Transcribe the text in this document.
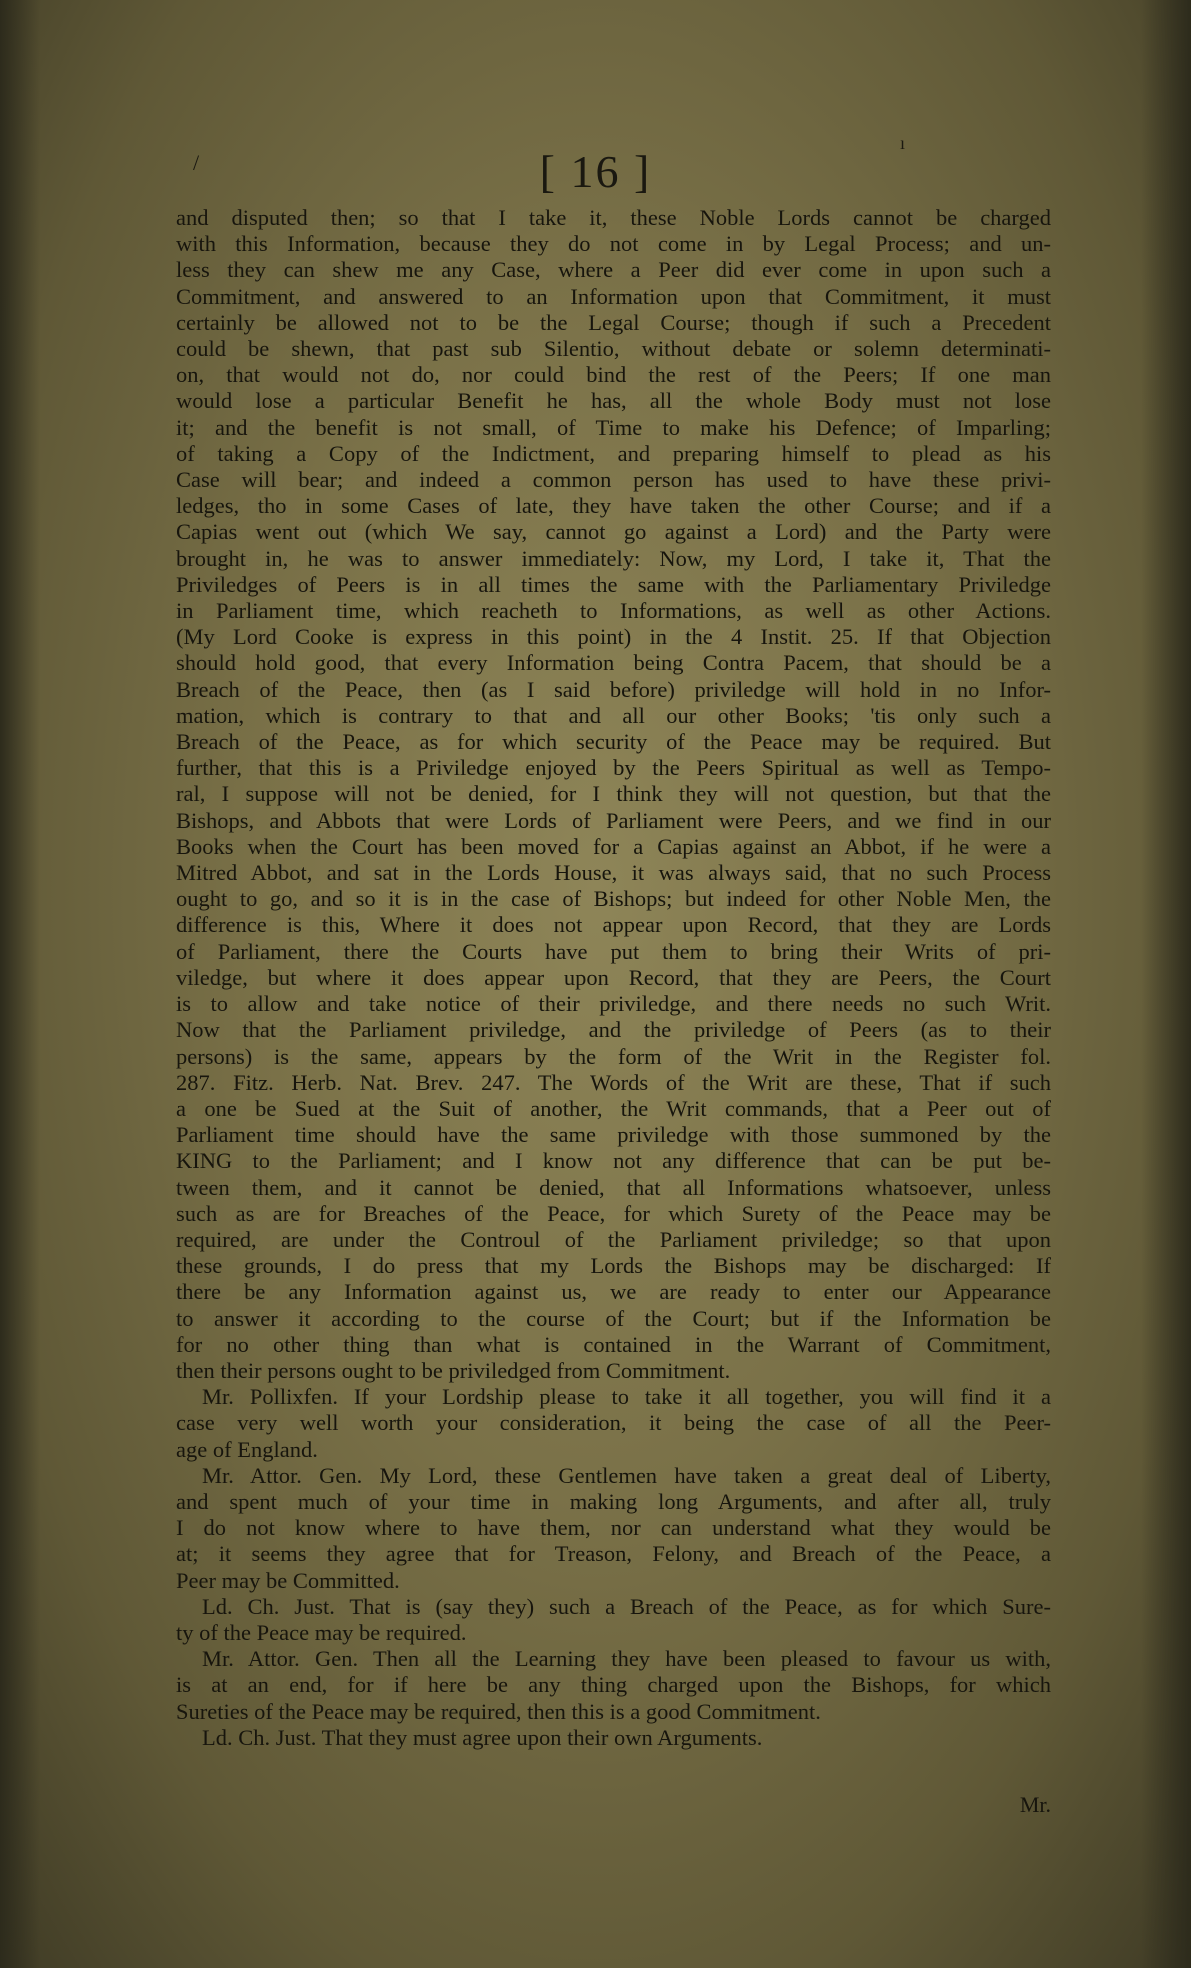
/
ı
[ 16 ]
and disputed then; so that I take it, these Noble Lords cannot be charged
with this Information, because they do not come in by Legal Process; and un-
less they can shew me any Case, where a Peer did ever come in upon such a
Commitment, and answered to an Information upon that Commitment, it must
certainly be allowed not to be the Legal Course; though if such a Precedent
could be shewn, that past sub Silentio, without debate or solemn determinati-
on, that would not do, nor could bind the rest of the Peers; If one man
would lose a particular Benefit he has, all the whole Body must not lose
it; and the benefit is not small, of Time to make his Defence; of Imparling;
of taking a Copy of the Indictment, and preparing himself to plead as his
Case will bear; and indeed a common person has used to have these privi-
ledges, tho in some Cases of late, they have taken the other Course; and if a
Capias went out (which We say, cannot go against a Lord) and the Party were
brought in, he was to answer immediately: Now, my Lord, I take it, That the
Priviledges of Peers is in all times the same with the Parliamentary Priviledge
in Parliament time, which reacheth to Informations, as well as other Actions.
(My Lord Cooke is express in this point) in the 4 Instit. 25. If that Objection
should hold good, that every Information being Contra Pacem, that should be a
Breach of the Peace, then (as I said before) priviledge will hold in no Infor-
mation, which is contrary to that and all our other Books; 'tis only such a
Breach of the Peace, as for which security of the Peace may be required. But
further, that this is a Priviledge enjoyed by the Peers Spiritual as well as Tempo-
ral, I suppose will not be denied, for I think they will not question, but that the
Bishops, and Abbots that were Lords of Parliament were Peers, and we find in our
Books when the Court has been moved for a Capias against an Abbot, if he were a
Mitred Abbot, and sat in the Lords House, it was always said, that no such Process
ought to go, and so it is in the case of Bishops; but indeed for other Noble Men, the
difference is this, Where it does not appear upon Record, that they are Lords
of Parliament, there the Courts have put them to bring their Writs of pri-
viledge, but where it does appear upon Record, that they are Peers, the Court
is to allow and take notice of their priviledge, and there needs no such Writ.
Now that the Parliament priviledge, and the priviledge of Peers (as to their
persons) is the same, appears by the form of the Writ in the Register fol.
287. Fitz. Herb. Nat. Brev. 247. The Words of the Writ are these, That if such
a one be Sued at the Suit of another, the Writ commands, that a Peer out of
Parliament time should have the same priviledge with those summoned by the
KING to the Parliament; and I know not any difference that can be put be-
tween them, and it cannot be denied, that all Informations whatsoever, unless
such as are for Breaches of the Peace, for which Surety of the Peace may be
required, are under the Controul of the Parliament priviledge; so that upon
these grounds, I do press that my Lords the Bishops may be discharged: If
there be any Information against us, we are ready to enter our Appearance
to answer it according to the course of the Court; but if the Information be
for no other thing than what is contained in the Warrant of Commitment,
then their persons ought to be priviledged from Commitment.
Mr. Pollixfen. If your Lordship please to take it all together, you will find it a
case very well worth your consideration, it being the case of all the Peer-
age of England.
Mr. Attor. Gen. My Lord, these Gentlemen have taken a great deal of Liberty,
and spent much of your time in making long Arguments, and after all, truly
I do not know where to have them, nor can understand what they would be
at; it seems they agree that for Treason, Felony, and Breach of the Peace, a
Peer may be Committed.
Ld. Ch. Just. That is (say they) such a Breach of the Peace, as for which Sure-
ty of the Peace may be required.
Mr. Attor. Gen. Then all the Learning they have been pleased to favour us with,
is at an end, for if here be any thing charged upon the Bishops, for which
Sureties of the Peace may be required, then this is a good Commitment.
Ld. Ch. Just. That they must agree upon their own Arguments.
Mr.
